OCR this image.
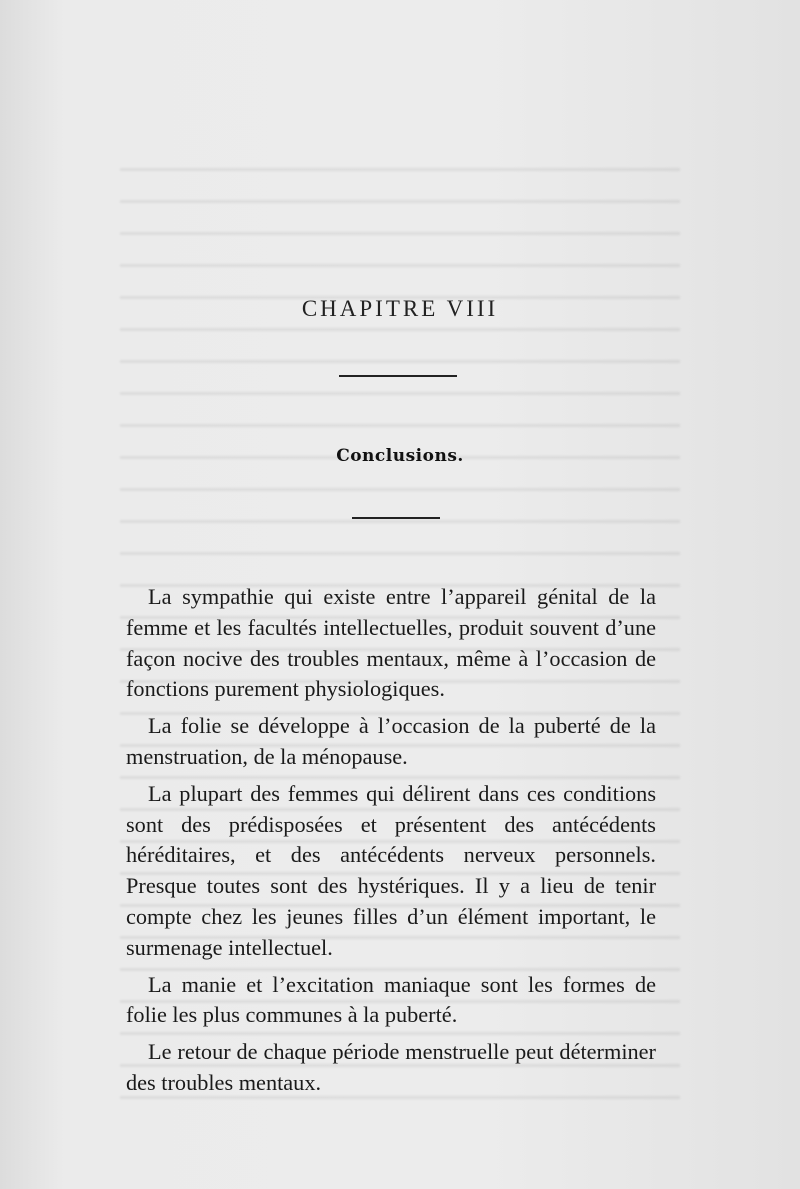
CHAPITRE VIII
Conclusions.

La sympathie qui existe entre l’appareil génital de la femme et les facultés intellectuelles, produit souvent d’une façon nocive des troubles mentaux, même à l’occasion de fonctions purement physiologiques.

La folie se développe à l’occasion de la puberté de la menstruation, de la ménopause.

La plupart des femmes qui délirent dans ces conditions sont des prédisposées et présentent des antécédents héréditaires, et des antécédents nerveux personnels. Presque toutes sont des hystériques. Il y a lieu de tenir compte chez les jeunes filles d’un élément important, le surmenage intellectuel.

La manie et l’excitation maniaque sont les formes de folie les plus communes à la puberté.

Le retour de chaque période menstruelle peut déterminer des troubles mentaux.
